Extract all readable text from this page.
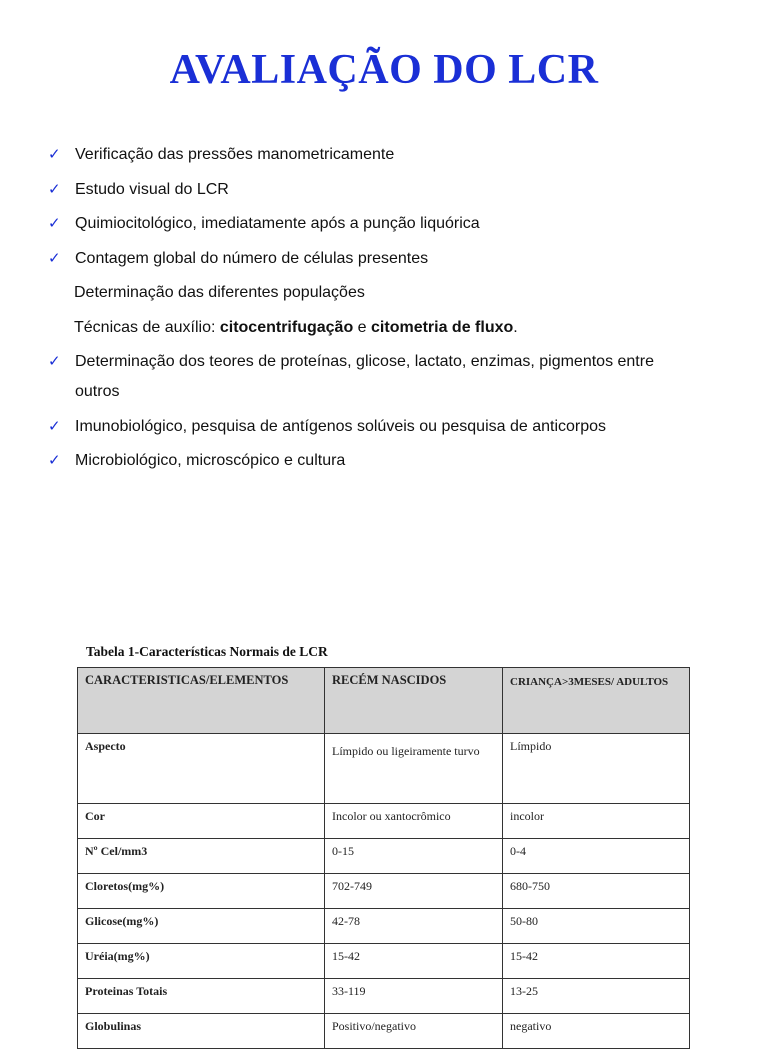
AVALIAÇÃO DO LCR
✓ Verificação das pressões manometricamente
✓ Estudo visual do LCR
✓ Quimiocitológico, imediatamente após a punção liquórica
✓ Contagem global do número de células presentes
Determinação das diferentes populações
Técnicas de auxílio: citocentrifugação e citometria de fluxo.
✓ Determinação dos teores de proteínas, glicose, lactato, enzimas, pigmentos entre
outros
✓ Imunobiológico, pesquisa de antígenos solúveis ou pesquisa de anticorpos
✓ Microbiológico, microscópico e cultura
Tabela 1-Características Normais de LCR
CARACTERISTICAS/ELEMENTOS	RECÉM NASCIDOS	CRIANÇA>3MESES/ ADULTOS
Aspecto	Límpido ou ligeiramente turvo	Límpido
Cor	Incolor ou xantocrômico	incolor
Nº Cel/mm3	0-15	0-4
Cloretos(mg%)	702-749	680-750
Glicose(mg%)	42-78	50-80
Uréia(mg%)	15-42	15-42
Proteinas Totais	33-119	13-25
Globulinas	Positivo/negativo	negativo
